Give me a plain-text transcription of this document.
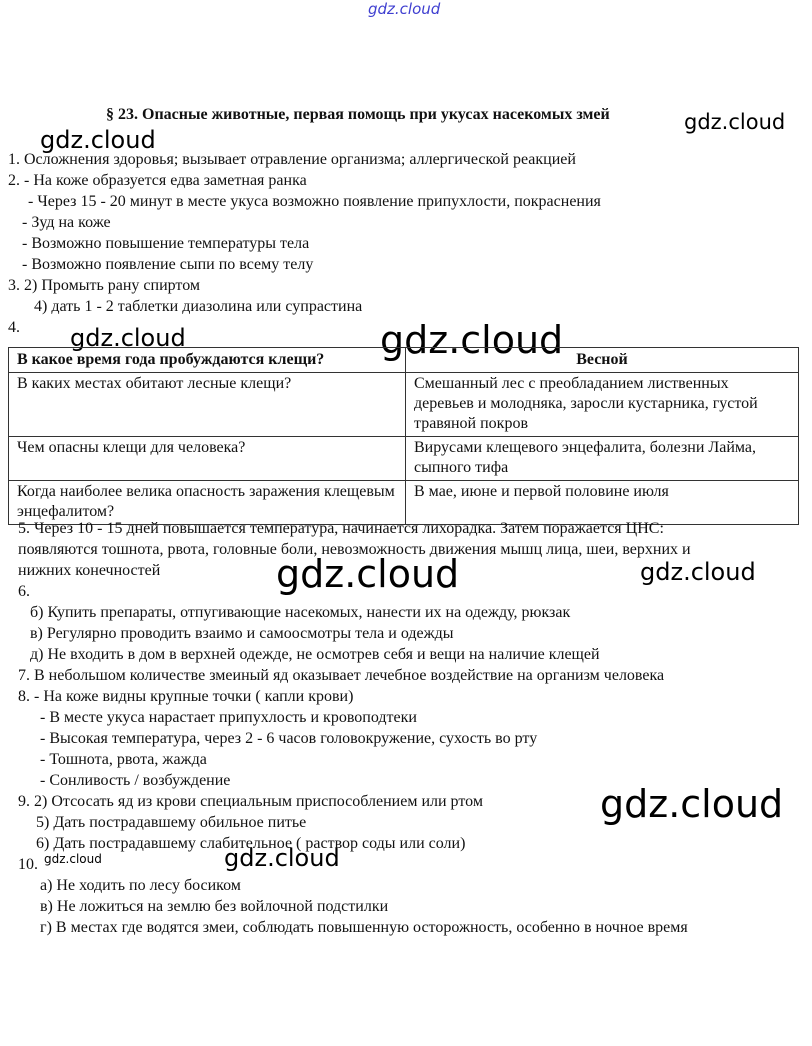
gdz.cloud
gdz.cloud
gdz.cloud
gdz.cloud	gdz.cloud
gdz.cloud	gdz.cloud
gdz.cloud
gdz.cloud	gdz.cloud
§ 23. Опасные животные, первая помощь при укусах насекомых змей
1. Осложнения здоровья; вызывает отравление организма; аллергической реакцией
2. - На коже образуется едва заметная ранка
- Через 15 - 20 минут в месте укуса возможно появление припухлости, покраснения
- Зуд на коже
- Возможно повышение температуры тела
- Возможно появление сыпи по всему телу
3. 2) Промыть рану спиртом
4) дать 1 - 2 таблетки диазолина или супрастина
4.
В какое время года пробуждаются клещи?	Весной
В каких местах обитают лесные клещи?	Смешанный лес с преобладанием лиственных деревьев и молодняка, заросли кустарника, густой травяной покров
Чем опасны клещи для человека?	Вирусами клещевого энцефалита, болезни Лайма, сыпного тифа
Когда наиболее велика опасность заражения клещевым энцефалитом?	В мае, июне и первой половине июля
5. Через 10 - 15 дней повышается температура, начинается лихорадка. Затем поражается ЦНС:
появляются тошнота, рвота, головные боли, невозможность движения мышц лица, шеи, верхних и
нижних конечностей
6.
б) Купить препараты, отпугивающие насекомых, нанести их на одежду, рюкзак
в) Регулярно проводить взаимо и самоосмотры тела и одежды
д) Не входить в дом в верхней одежде, не осмотрев себя и вещи на наличие клещей
7. В небольшом количестве змеиный яд оказывает лечебное воздействие на организм человека
8. - На коже видны крупные точки ( капли крови)
- В месте укуса нарастает припухлость и кровоподтеки
- Высокая температура, через 2 - 6 часов головокружение, сухость во рту
- Тошнота, рвота, жажда
- Сонливость / возбуждение
9. 2) Отсосать яд из крови специальным приспособлением или ртом
5) Дать пострадавшему обильное питье
6) Дать пострадавшему слабительное ( раствор соды или соли)
10.
а) Не ходить по лесу босиком
в) Не ложиться на землю без войлочной подстилки
г) В местах где водятся змеи, соблюдать повышенную осторожность, особенно в ночное время
